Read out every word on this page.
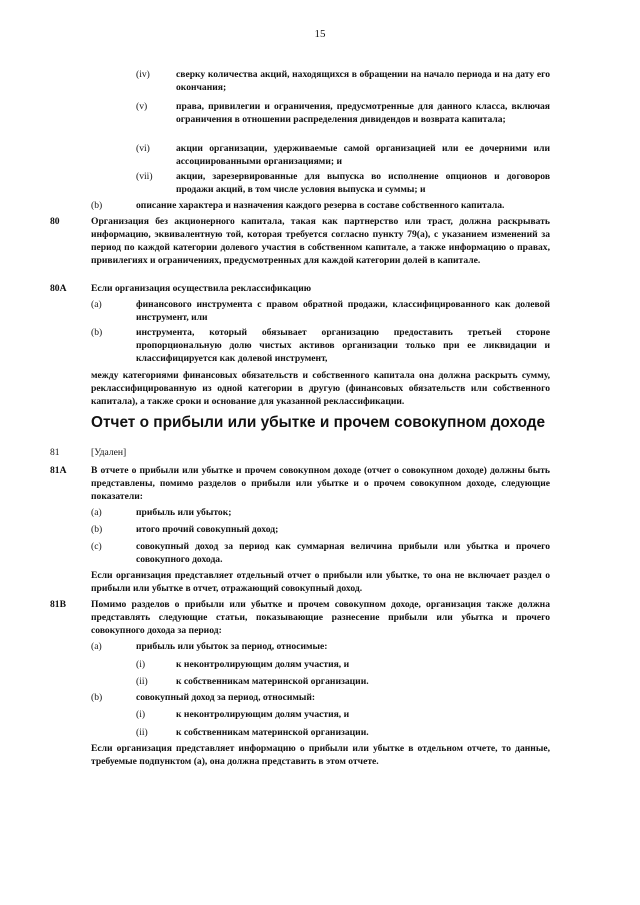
15
(iv)	сверку количества акций, находящихся в обращении на начало периода и на дату его окончания;
(v)	права, привилегии и ограничения, предусмотренные для данного класса, включая ограничения в отношении распределения дивидендов и возврата капитала;
(vi)	акции организации, удерживаемые самой организацией или ее дочерними или ассоциированными организациями; и
(vii) акции, зарезервированные для выпуска во исполнение опционов и договоров продажи акций, в том числе условия выпуска и суммы; и
(b)	описание характера и назначения каждого резерва в составе собственного капитала.
80	Организация без акционерного капитала, такая как партнерство или траст, должна раскрывать информацию, эквивалентную той, которая требуется согласно пункту 79(a), с указанием изменений за период по каждой категории долевого участия в собственном капитале, а также информацию о правах, привилегиях и ограничениях, предусмотренных для каждой категории долей в капитале.
80A	Если организация осуществила реклассификацию
(a)	финансового инструмента с правом обратной продажи, классифицированного как долевой инструмент, или
(b)	инструмента, который обязывает организацию предоставить третьей стороне пропорциональную долю чистых активов организации только при ее ликвидации и классифицируется как долевой инструмент,
между категориями финансовых обязательств и собственного капитала она должна раскрыть сумму, реклассифицированную из одной категории в другую (финансовых обязательств или собственного капитала), а также сроки и основание для указанной реклассификации.
Отчет о прибыли или убытке и прочем совокупном доходе
81	[Удален]
81A	В отчете о прибыли или убытке и прочем совокупном доходе (отчет о совокупном доходе) должны быть представлены, помимо разделов о прибыли или убытке и о прочем совокупном доходе, следующие показатели:
(a)	прибыль или убыток;
(b)	итого прочий совокупный доход;
(c)	совокупный доход за период как суммарная величина прибыли или убытка и прочего совокупного дохода.
Если организация представляет отдельный отчет о прибыли или убытке, то она не включает раздел о прибыли или убытке в отчет, отражающий совокупный доход.
81B	Помимо разделов о прибыли или убытке и прочем совокупном доходе, организация также должна представлять следующие статьи, показывающие разнесение прибыли или убытка и прочего совокупного дохода за период:
(a)	прибыль или убыток за период, относимые:
(i)	к неконтролирующим долям участия, и
(ii)	к собственникам материнской организации.
(b)	совокупный доход за период, относимый:
(i)	к неконтролирующим долям участия, и
(ii)	к собственникам материнской организации.
Если организация представляет информацию о прибыли или убытке в отдельном отчете, то данные, требуемые подпунктом (a), она должна представить в этом отчете.
